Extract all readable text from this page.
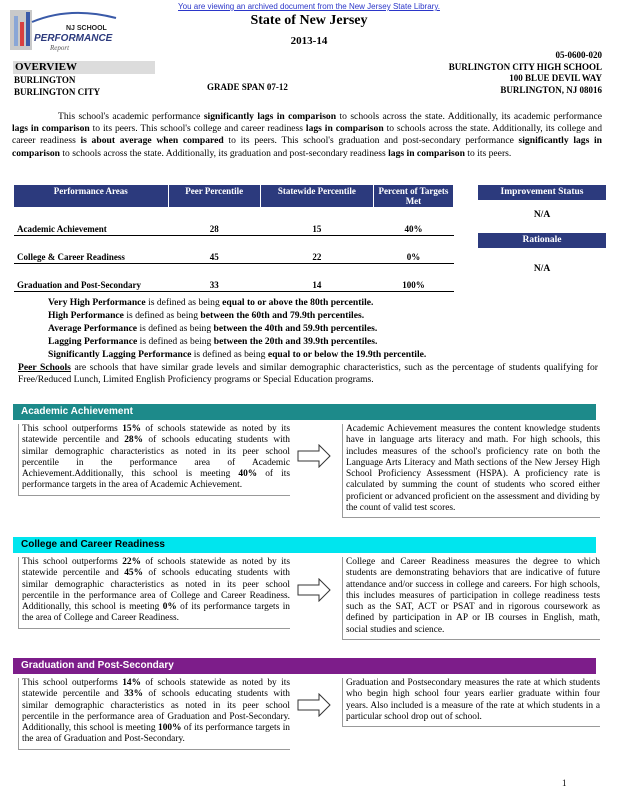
You are viewing an archived document from the New Jersey State Library.
NJ SCHOOL
PERFORMANCE
Report
State of New Jersey
2013-14
OVERVIEW
BURLINGTON
BURLINGTON CITY	GRADE SPAN 07-12
05-0600-020
BURLINGTON CITY HIGH SCHOOL
100 BLUE DEVIL WAY
BURLINGTON, NJ 08016

This school's academic performance significantly lags in comparison to schools across the state. Additionally, its academic performance lags in comparison to its peers. This school's college and career readiness lags in comparison to schools across the state. Additionally, its college and career readiness is about average when compared to its peers. This school's graduation and post-secondary performance significantly lags in comparison to schools across the state. Additionally, its graduation and post-secondary readiness lags in comparison to its peers.

Performance Areas	Peer Percentile	Statewide Percentile	Percent of Targets Met
Academic Achievement	28	15	40%
College & Career Readiness	45	22	0%
Graduation and Post-Secondary	33	14	100%
Improvement Status
N/A
Rationale
N/A
Very High Performance is defined as being equal to or above the 80th percentile.
High Performance is defined as being between the 60th and 79.9th percentiles.
Average Performance is defined as being between the 40th and 59.9th percentiles.
Lagging Performance is defined as being between the 20th and 39.9th percentiles.
Significantly Lagging Performance is defined as being equal to or below the 19.9th percentile.

Peer Schools are schools that have similar grade levels and similar demographic characteristics, such as the percentage of students qualifying for Free/Reduced Lunch, Limited English Proficiency programs or Special Education programs.

Academic Achievement

This school outperforms 15% of schools statewide as noted by its statewide percentile and 28% of schools educating students with similar demographic characteristics as noted in its peer school percentile in the performance area of Academic Achievement.Additionally, this school is meeting 40% of its performance targets in the area of Academic Achievement.

Academic Achievement measures the content knowledge students have in language arts literacy and math. For high schools, this includes measures of the school's proficiency rate on both the Language Arts Literacy and Math sections of the New Jersey High School Proficiency Assessment (HSPA). A proficiency rate is calculated by summing the count of students who scored either proficient or advanced proficient on the assessment and dividing by the count of valid test scores.

College and Career Readiness

This school outperforms 22% of schools statewide as noted by its statewide percentile and 45% of schools educating students with similar demographic characteristics as noted in its peer school percentile in the performance area of College and Career Readiness. Additionally, this school is meeting 0% of its performance targets in the area of College and Career Readiness.

College and Career Readiness measures the degree to which students are demonstrating behaviors that are indicative of future attendance and/or success in college and careers. For high schools, this includes measures of participation in college readiness tests such as the SAT, ACT or PSAT and in rigorous coursework as defined by participation in AP or IB courses in English, math, social studies and science.

Graduation and Post-Secondary

This school outperforms 14% of schools statewide as noted by its statewide percentile and 33% of schools educating students with similar demographic characteristics as noted in its peer school percentile in the performance area of Graduation and Post-Secondary. Additionally, this school is meeting 100% of its performance targets in the area of Graduation and Post-Secondary.

Graduation and Postsecondary measures the rate at which students who begin high school four years earlier graduate within four years. Also included is a measure of the rate at which students in a particular school drop out of school.

1
